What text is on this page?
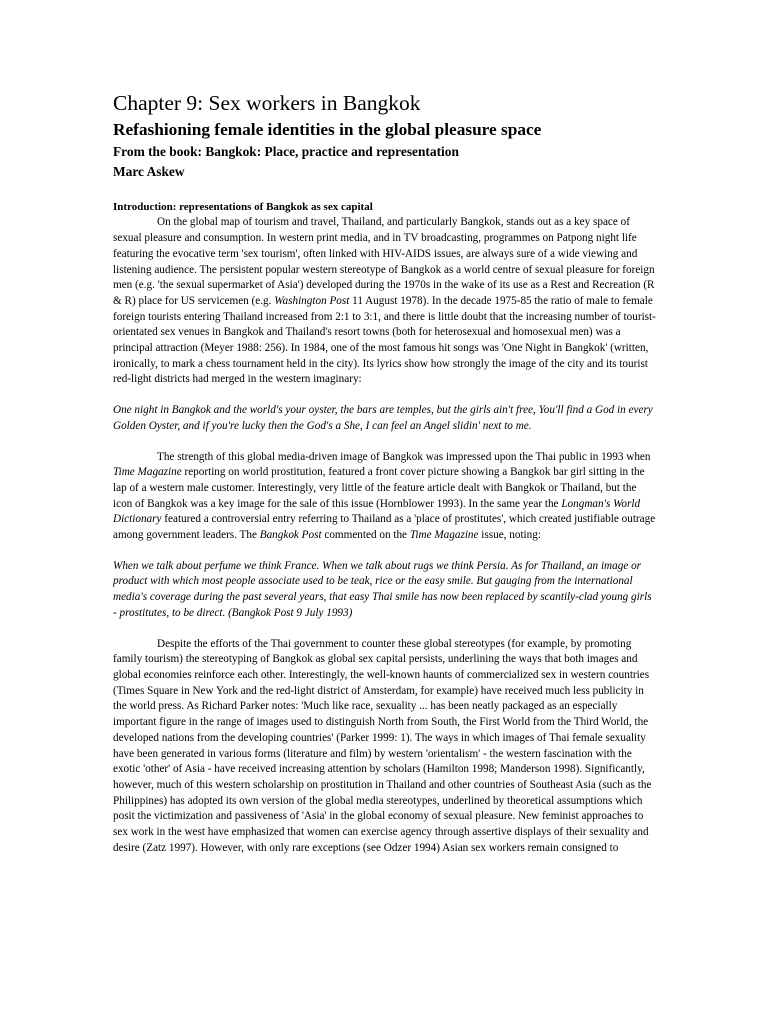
Chapter 9: Sex workers in Bangkok
Refashioning female identities in the global pleasure space
From the book: Bangkok: Place, practice and representation
Marc Askew
Introduction: representations of Bangkok as sex capital

On the global map of tourism and travel, Thailand, and particularly Bangkok, stands out as a key space of sexual pleasure and consumption. In western print media, and in TV broadcasting, programmes on Patpong night life featuring the evocative term 'sex tourism', often linked with HIV-AIDS issues, are always sure of a wide viewing and listening audience. The persistent popular western stereotype of Bangkok as a world centre of sexual pleasure for foreign men (e.g. 'the sexual supermarket of Asia') developed during the 1970s in the wake of its use as a Rest and Recreation (R & R) place for US servicemen (e.g. Washington Post 11 August 1978). In the decade 1975-85 the ratio of male to female foreign tourists entering Thailand increased from 2:1 to 3:1, and there is little doubt that the increasing number of tourist-orientated sex venues in Bangkok and Thailand's resort towns (both for heterosexual and homosexual men) was a principal attraction (Meyer 1988: 256). In 1984, one of the most famous hit songs was 'One Night in Bangkok' (written, ironically, to mark a chess tournament held in the city). Its lyrics show how strongly the image of the city and its tourist red-light districts had merged in the western imaginary:

One night in Bangkok and the world's your oyster, the bars are temples, but the girls ain't free, You'll find a God in every Golden Oyster, and if you're lucky then the God's a She, I can feel an Angel slidin' next to me.

The strength of this global media-driven image of Bangkok was impressed upon the Thai public in 1993 when Time Magazine reporting on world prostitution, featured a front cover picture showing a Bangkok bar girl sitting in the lap of a western male customer. Interestingly, very little of the feature article dealt with Bangkok or Thailand, but the icon of Bangkok was a key image for the sale of this issue (Hornblower 1993). In the same year the Longman's World Dictionary featured a controversial entry referring to Thailand as a 'place of prostitutes', which created justifiable outrage among government leaders. The Bangkok Post commented on the Time Magazine issue, noting:

When we talk about perfume we think France. When we talk about rugs we think Persia. As for Thailand, an image or product with which most people associate used to be teak, rice or the easy smile. But gauging from the international media's coverage during the past several years, that easy Thai smile has now been replaced by scantily-clad young girls - prostitutes, to be direct. (Bangkok Post 9 July 1993)

Despite the efforts of the Thai government to counter these global stereotypes (for example, by promoting family tourism) the stereotyping of Bangkok as global sex capital persists, underlining the ways that both images and global economies reinforce each other. Interestingly, the well-known haunts of commercialized sex in western countries (Times Square in New York and the red-light district of Amsterdam, for example) have received much less publicity in the world press. As Richard Parker notes: 'Much like race, sexuality ... has been neatly packaged as an especially important figure in the range of images used to distinguish North from South, the First World from the Third World, the developed nations from the developing countries' (Parker 1999: 1). The ways in which images of Thai female sexuality have been generated in various forms (literature and film) by western 'orientalism' - the western fascination with the exotic 'other' of Asia - have received increasing attention by scholars (Hamilton 1998; Manderson 1998). Significantly, however, much of this western scholarship on prostitution in Thailand and other countries of Southeast Asia (such as the Philippines) has adopted its own version of the global media stereotypes, underlined by theoretical assumptions which posit the victimization and passiveness of 'Asia' in the global economy of sexual pleasure. New feminist approaches to sex work in the west have emphasized that women can exercise agency through assertive displays of their sexuality and desire (Zatz 1997). However, with only rare exceptions (see Odzer 1994) Asian sex workers remain consigned to
